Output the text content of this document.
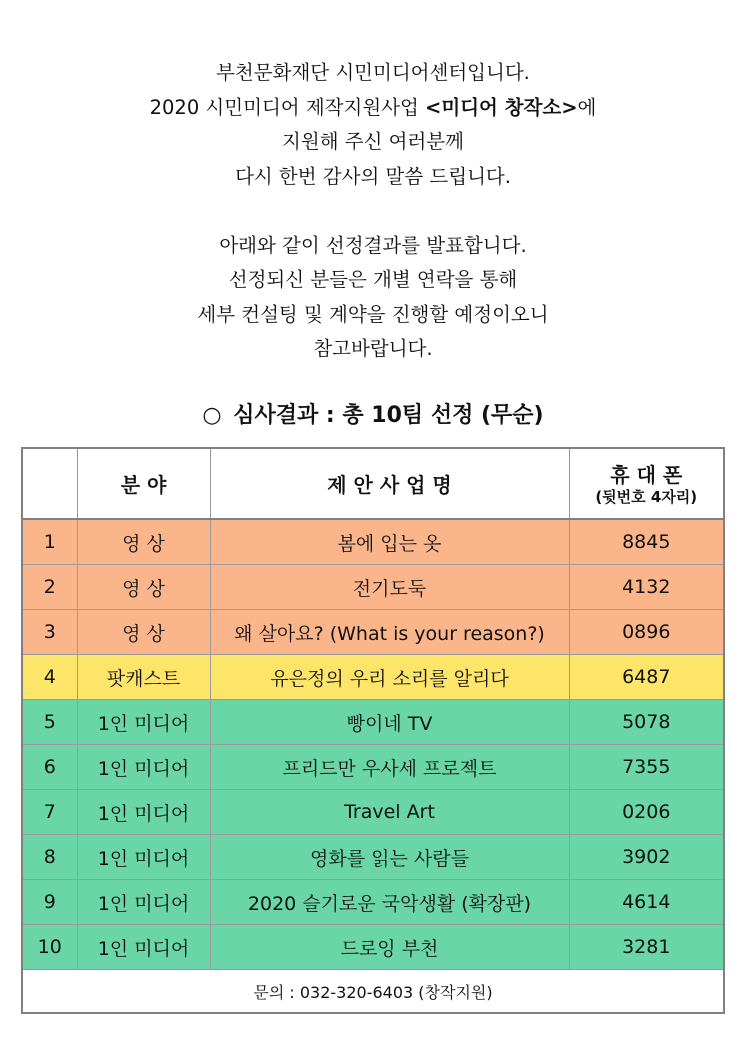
부천문화재단 시민미디어센터입니다.
2020 시민미디어 제작지원사업 <미디어 창작소>에
지원해 주신 여러분께
다시 한번 감사의 말씀 드립니다.
아래와 같이 선정결과를 발표합니다.
선정되신 분들은 개별 연락을 통해
세부 컨설팅 및 계약을 진행할 예정이오니
참고바랍니다.
○ 심사결과 : 총 10팀 선정 (무순)
	분 야	제 안 사 업 명	휴 대 폰
(뒷번호 4자리)

1	영 상	봄에 입는 옷	8845
2	영 상	전기도둑	4132
3	영 상	왜 살아요? (What is your reason?)	0896
4	팟캐스트	유은정의 우리 소리를 알리다	6487
5	1인 미디어	빵이네 TV	5078
6	1인 미디어	프리드만 우사세 프로젝트	7355
7	1인 미디어	Travel Art	0206
8	1인 미디어	영화를 읽는 사람들	3902
9	1인 미디어	2020 슬기로운 국악생활 (확장판)	4614
10	1인 미디어	드로잉 부천	3281
문의 : 032-320-6403 (창작지원)			
